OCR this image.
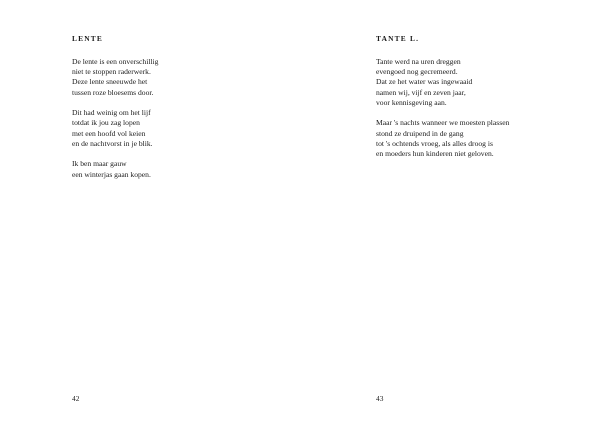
LENTE
De lente is een onverschillig
niet te stoppen raderwerk.
Deze lente sneeuwde het
tussen roze bloesems door.
Dit had weinig om het lijf
totdat ik jou zag lopen
met een hoofd vol keien
en de nachtvorst in je blik.
Ik ben maar gauw
een winterjas gaan kopen.
42
TANTE L.
Tante werd na uren dreggen
evengoed nog gecremeerd.
Dat ze het water was ingewaaid
namen wij, vijf en zeven jaar,
voor kennisgeving aan.
Maar 's nachts wanneer we moesten plassen
stond ze druipend in de gang
tot 's ochtends vroeg, als alles droog is
en moeders hun kinderen niet geloven.
43
